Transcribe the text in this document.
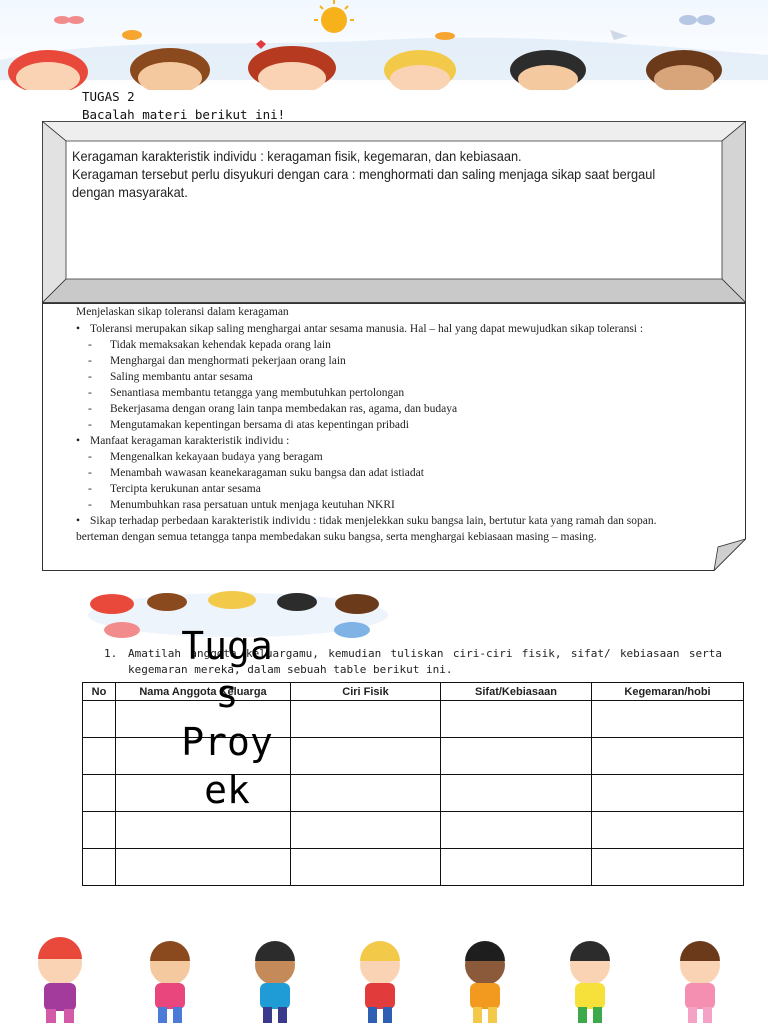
TUGAS 2
Bacalah materi berikut ini!
Keragaman karakteristik individu : keragaman fisik, kegemaran, dan kebiasaan.
Keragaman tersebut perlu disyukuri dengan cara : menghormati dan saling menjaga sikap saat bergaul dengan masyarakat.
Menjelaskan sikap toleransi dalam keragaman
• Toleransi merupakan sikap saling menghargai antar sesama manusia. Hal – hal yang dapat mewujudkan sikap toleransi :
- Tidak memaksakan kehendak kepada orang lain
- Menghargai dan menghormati pekerjaan orang lain
- Saling membantu antar sesama
- Senantiasa membantu tetangga yang membutuhkan pertolongan
- Bekerjasama dengan orang lain tanpa membedakan ras, agama, dan budaya
- Mengutamakan kepentingan bersama di atas kepentingan pribadi
• Manfaat keragaman karakteristik individu :
- Mengenalkan kekayaan budaya yang beragam
- Menambah wawasan keanekaragaman suku bangsa dan adat istiadat
- Tercipta kerukunan antar sesama
- Menumbuhkan rasa persatuan untuk menjaga keutuhan NKRI
• Sikap terhadap perbedaan karakteristik individu : tidak menjelekkan suku bangsa lain, bertutur kata yang ramah dan sopan.
berteman dengan semua tetangga tanpa membedakan suku bangsa, serta menghargai kebiasaan masing – masing.
Tuga
s
Proy
ek
1. Amatilah anggota keluargamu, kemudian tuliskan ciri-ciri fisik, sifat/ kebiasaan serta kegemaran mereka, dalam sebuah table berikut ini.
No	Nama Anggota Keluarga	Ciri Fisik	Sifat/Kebiasaan	Kegemaran/hobi
